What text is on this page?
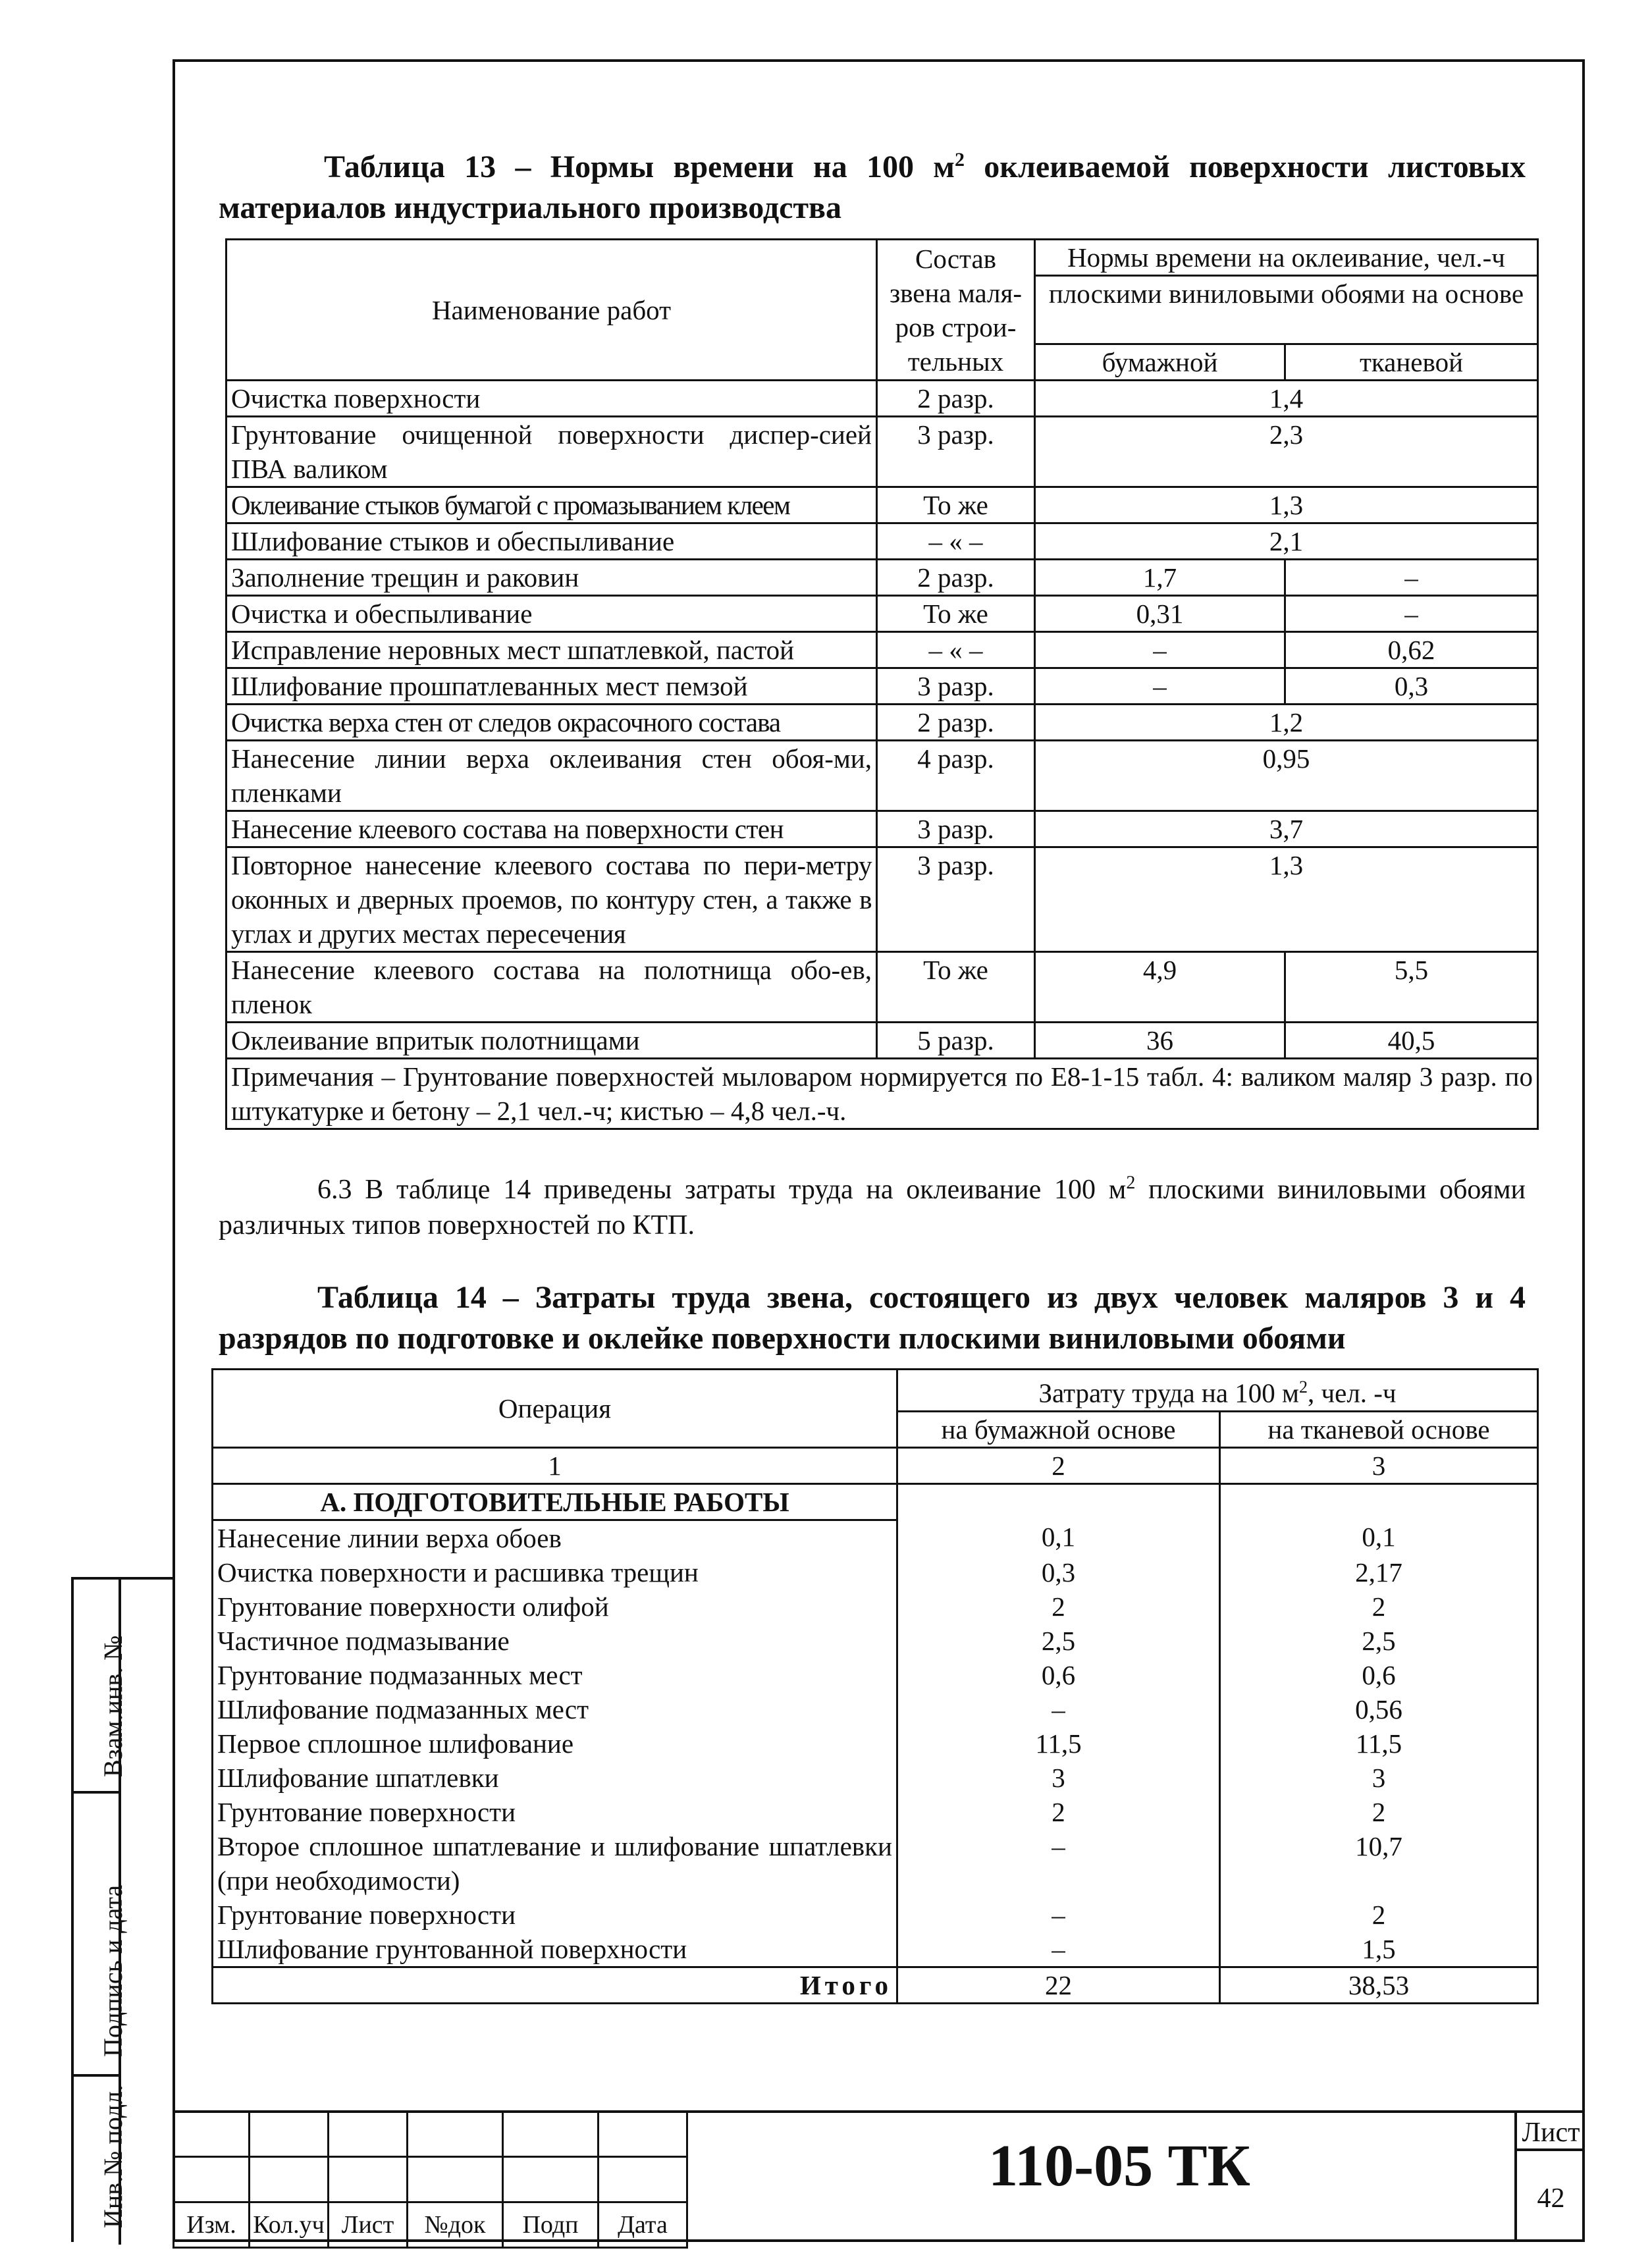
Таблица 13 – Нормы времени на 100 $м^2$ оклеиваемой поверхности листовых материалов индустриального производства
Наименование работ	Состав звена маля-ров строи-тельных	Нормы времени на оклеивание, чел.-ч	
		плоскими виниловыми обоями на основе	
		бумажной	тканевой
Очистка поверхности	2 разр.	1,4	
Грунтование очищенной поверхности диспер-сией ПВА валиком	3 разр.	2,3	
Оклеивание стыков бумагой с промазыванием клеем	То же	1,3	
Шлифование стыков и обеспыливание	– « –	2,1	
Заполнение трещин и раковин	2 разр.	1,7	–
Очистка и обеспыливание	То же	0,31	–
Исправление неровных мест шпатлевкой, пастой	– « –	–	0,62
Шлифование прошпатлеванных мест пемзой	3 разр.	–	0,3
Очистка верха стен от следов окрасочного состава	2 разр.	1,2	
Нанесение линии верха оклеивания стен обоя-ми, пленками	4 разр.	0,95	
Нанесение клеевого состава на поверхности стен	3 разр.	3,7	
Повторное нанесение клеевого состава по пери-метру оконных и дверных проемов, по контуру стен, а также в углах и других местах пересечения	3 разр.	1,3	
Нанесение клеевого состава на полотнища обо-ев, пленок	То же	4,9	5,5
Оклеивание впритык полотнищами	5 разр.	36	40,5
Примечания – Грунтование поверхностей мыловаром нормируется по Е8-1-15 табл. 4: валиком маляр 3 разр. по штукатурке и бетону – 2,1 чел.-ч; кистью – 4,8 чел.-ч.			
6.3 В таблице 14 приведены затраты труда на оклеивание 100 $м^2$ плоскими виниловыми обоями различных типов поверхностей по КТП.
Таблица 14 – Затраты труда звена, состоящего из двух человек маляров 3 и 4 разрядов по подготовке и оклейке поверхности плоскими виниловыми обоями
Операция	Затрату труда на 100 $м^2$, чел. -ч	
	на бумажной основе	на тканевой основе
1	2	3
А. ПОДГОТОВИТЕЛЬНЫЕ РАБОТЫ		
Нанесение линии верха обоев	0,1	0,1
Очистка поверхности и расшивка трещин	0,3	2,17
Грунтование поверхности олифой	2	2
Частичное подмазывание	2,5	2,5
Грунтование подмазанных мест	0,6	0,6
Шлифование подмазанных мест	–	0,56
Первое сплошное шлифование	11,5	11,5
Шлифование шпатлевки	3	3
Грунтование поверхности	2	2
Второе сплошное шпатлевание и шлифование шпатлевки (при необходимости)	–	10,7
Грунтование поверхности	–	2
Шлифование грунтованной поверхности	–	1,5
Итого	22	38,53
Взам.инв. №
Подпись и дата
Инв.№ подл.

					Изм.	Кол.уч	Лист	№док	Подп	Дата
110-05 ТК
Лист
42
